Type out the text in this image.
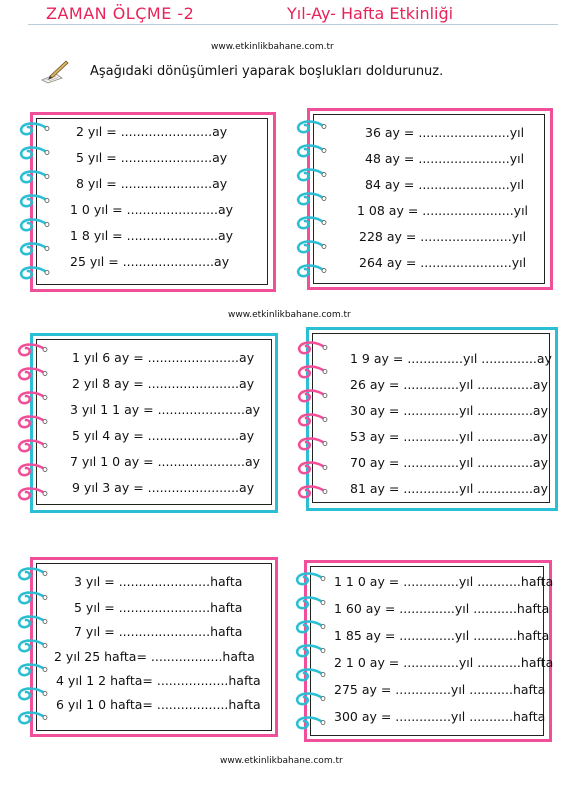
ZAMAN ÖLÇME -2	Yıl-Ay- Hafta Etkinliği
www.etkinlikbahane.com.tr
Aşağıdaki dönüşümleri yaparak boşlukları doldurunuz.
2 yıl = .......................ay
5 yıl = .......................ay
8 yıl = .......................ay
1 0 yıl = .......................ay
1 8 yıl = .......................ay
25 yıl = .......................ay
36 ay = .......................yıl
48 ay = .......................yıl
84 ay = .......................yıl
1 08 ay = .......................yıl
228 ay = .......................yıl
264 ay = .......................yıl
www.etkinlikbahane.com.tr
1 yıl 6 ay = .......................ay
2 yıl 8 ay = .......................ay
3 yıl 1 1 ay = ......................ay
5 yıl 4 ay = .......................ay
7 yıl 1 0 ay = ......................ay
9 yıl 3 ay = .......................ay
1 9 ay = ..............yıl ..............ay
26 ay = ..............yıl ..............ay
30 ay = ..............yıl ..............ay
53 ay = ..............yıl ..............ay
70 ay = ..............yıl ..............ay
81 ay = ..............yıl ..............ay
3 yıl = .......................hafta
5 yıl = .......................hafta
7 yıl = .......................hafta
2 yıl 25 hafta= ..................hafta
4 yıl 1 2 hafta= ..................hafta
6 yıl 1 0 hafta= ..................hafta
1 1 0 ay = ..............yıl ...........hafta
1 60 ay = ..............yıl ...........hafta
1 85 ay = ..............yıl ...........hafta
2 1 0 ay = ..............yıl ...........hafta
275 ay = ..............yıl ...........hafta
300 ay = ..............yıl ...........hafta
www.etkinlikbahane.com.tr
